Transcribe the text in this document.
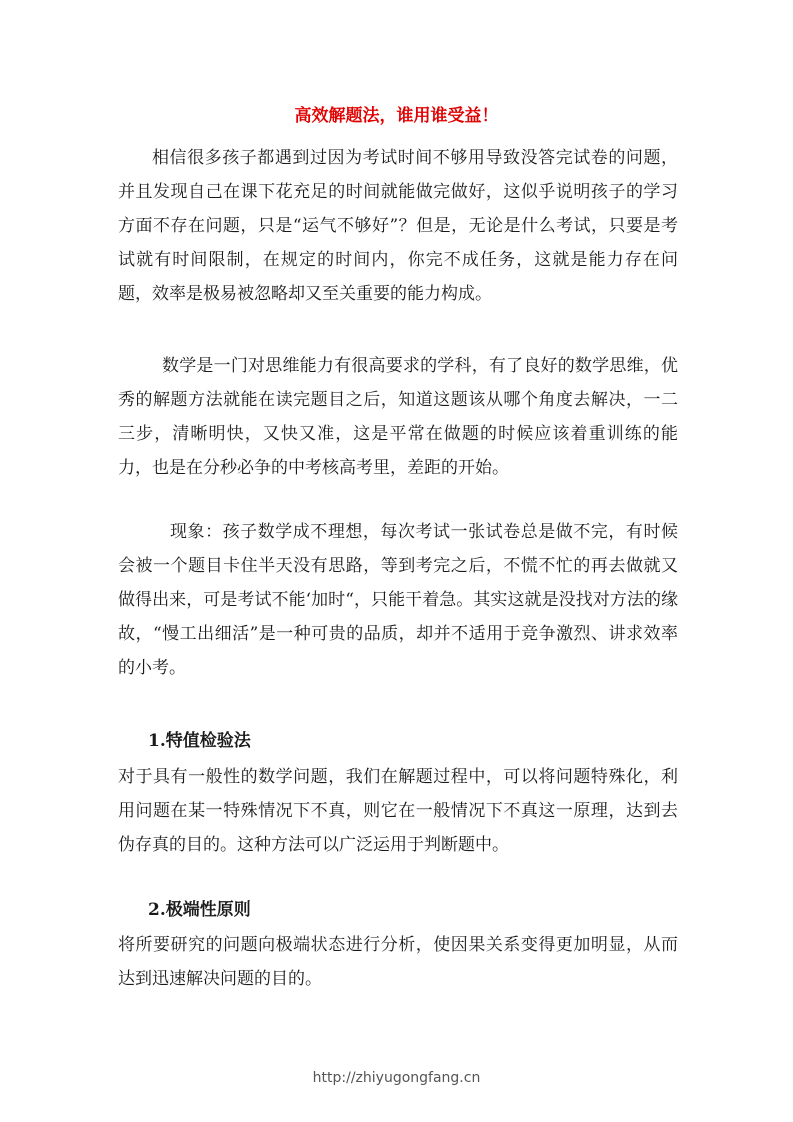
高效解题法，谁用谁受益！

相信很多孩子都遇到过因为考试时间不够用导致没答完试卷的问题，并且发现自己在课下花充足的时间就能做完做好，这似乎说明孩子的学习方面不存在问题，只是“运气不够好”？但是，无论是什么考试，只要是考试就有时间限制，在规定的时间内，你完不成任务，这就是能力存在问题，效率是极易被忽略却又至关重要的能力构成。

数学是一门对思维能力有很高要求的学科，有了良好的数学思维，优秀的解题方法就能在读完题目之后，知道这题该从哪个角度去解决，一二三步，清晰明快，又快又准，这是平常在做题的时候应该着重训练的能力，也是在分秒必争的中考核高考里，差距的开始。

现象：孩子数学成不理想，每次考试一张试卷总是做不完，有时候会被一个题目卡住半天没有思路，等到考完之后，不慌不忙的再去做就又做得出来，可是考试不能‘加时“，只能干着急。其实这就是没找对方法的缘故，“慢工出细活”是一种可贵的品质，却并不适用于竞争激烈、讲求效率的小考。

1.特值检验法

对于具有一般性的数学问题，我们在解题过程中，可以将问题特殊化，利用问题在某一特殊情况下不真，则它在一般情况下不真这一原理，达到去伪存真的目的。这种方法可以广泛运用于判断题中。

2.极端性原则

将所要研究的问题向极端状态进行分析，使因果关系变得更加明显，从而达到迅速解决问题的目的。

http://zhiyugongfang.cn
